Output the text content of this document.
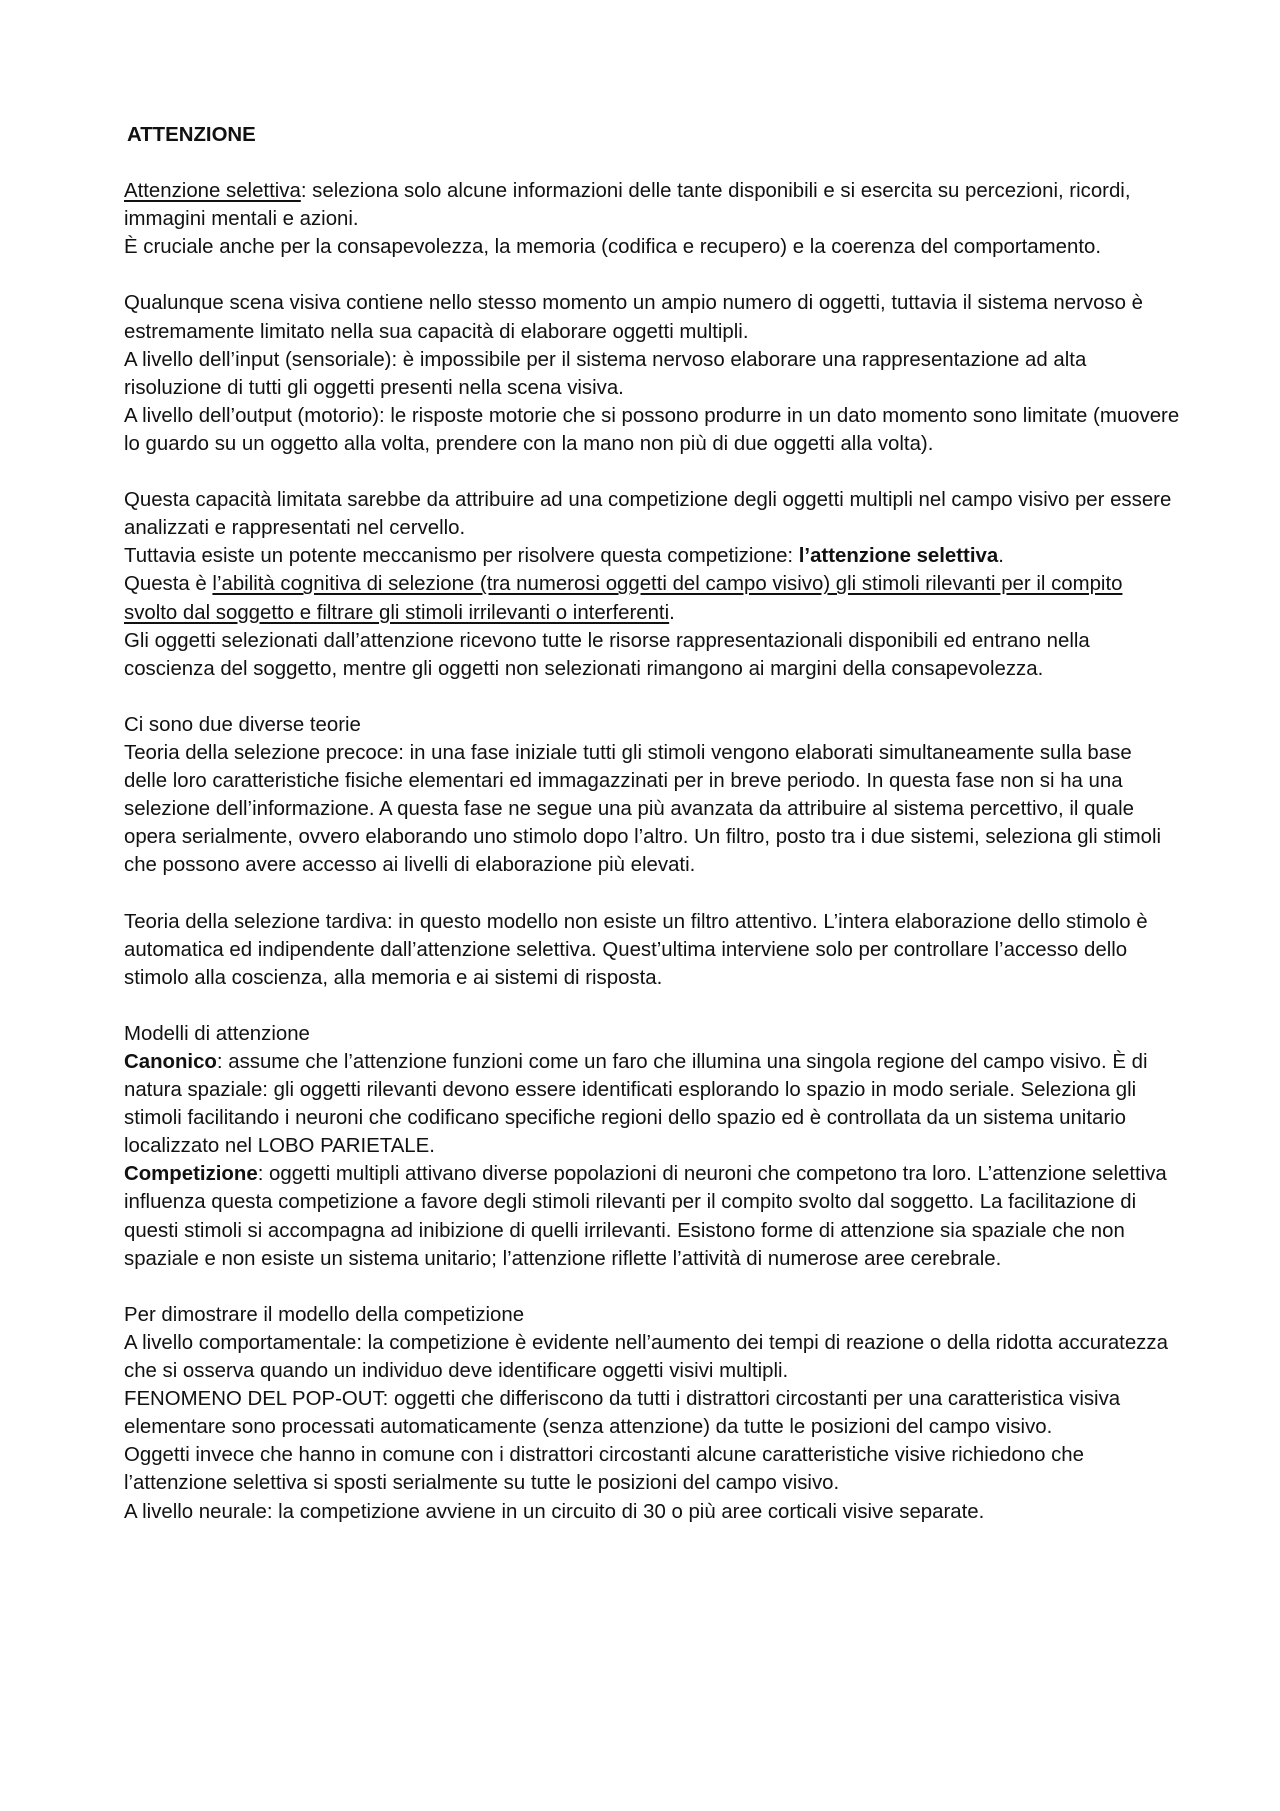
ATTENZIONE

Attenzione selettiva: seleziona solo alcune informazioni delle tante disponibili e si esercita su percezioni, ricordi, immagini mentali e azioni.
È cruciale anche per la consapevolezza, la memoria (codifica e recupero) e la coerenza del comportamento.

Qualunque scena visiva contiene nello stesso momento un ampio numero di oggetti, tuttavia il sistema nervoso è estremamente limitato nella sua capacità di elaborare oggetti multipli.
A livello dell’input (sensoriale): è impossibile per il sistema nervoso elaborare una rappresentazione ad alta risoluzione di tutti gli oggetti presenti nella scena visiva.
A livello dell’output (motorio): le risposte motorie che si possono produrre in un dato momento sono limitate (muovere lo guardo su un oggetto alla volta, prendere con la mano non più di due oggetti alla volta).

Questa capacità limitata sarebbe da attribuire ad una competizione degli oggetti multipli nel campo visivo per essere analizzati e rappresentati nel cervello.
Tuttavia esiste un potente meccanismo per risolvere questa competizione: l’attenzione selettiva.
Questa è l’abilità cognitiva di selezione (tra numerosi oggetti del campo visivo) gli stimoli rilevanti per il compito svolto dal soggetto e filtrare gli stimoli irrilevanti o interferenti.
Gli oggetti selezionati dall’attenzione ricevono tutte le risorse rappresentazionali disponibili ed entrano nella coscienza del soggetto, mentre gli oggetti non selezionati rimangono ai margini della consapevolezza.

Ci sono due diverse teorie
Teoria della selezione precoce: in una fase iniziale tutti gli stimoli vengono elaborati simultaneamente sulla base delle loro caratteristiche fisiche elementari ed immagazzinati per in breve periodo. In questa fase non si ha una selezione dell’informazione. A questa fase ne segue una più avanzata da attribuire al sistema percettivo, il quale opera serialmente, ovvero elaborando uno stimolo dopo l’altro. Un filtro, posto tra i due sistemi, seleziona gli stimoli che possono avere accesso ai livelli di elaborazione più elevati.

Teoria della selezione tardiva: in questo modello non esiste un filtro attentivo. L’intera elaborazione dello stimolo è automatica ed indipendente dall’attenzione selettiva. Quest’ultima interviene solo per controllare l’accesso dello stimolo alla coscienza, alla memoria e ai sistemi di risposta.

Modelli di attenzione
Canonico: assume che l’attenzione funzioni come un faro che illumina una singola regione del campo visivo. È di natura spaziale: gli oggetti rilevanti devono essere identificati esplorando lo spazio in modo seriale. Seleziona gli stimoli facilitando i neuroni che codificano specifiche regioni dello spazio ed è controllata da un sistema unitario localizzato nel LOBO PARIETALE.
Competizione: oggetti multipli attivano diverse popolazioni di neuroni che competono tra loro. L’attenzione selettiva influenza questa competizione a favore degli stimoli rilevanti per il compito svolto dal soggetto. La facilitazione di questi stimoli si accompagna ad inibizione di quelli irrilevanti. Esistono forme di attenzione sia spaziale che non spaziale e non esiste un sistema unitario; l’attenzione riflette l’attività di numerose aree cerebrale.

Per dimostrare il modello della competizione
A livello comportamentale: la competizione è evidente nell’aumento dei tempi di reazione o della ridotta accuratezza che si osserva quando un individuo deve identificare oggetti visivi multipli.
FENOMENO DEL POP-OUT: oggetti che differiscono da tutti i distrattori circostanti per una caratteristica visiva elementare sono processati automaticamente (senza attenzione) da tutte le posizioni del campo visivo.
Oggetti invece che hanno in comune con i distrattori circostanti alcune caratteristiche visive richiedono che l’attenzione selettiva si sposti serialmente su tutte le posizioni del campo visivo.
A livello neurale: la competizione avviene in un circuito di 30 o più aree corticali visive separate.
